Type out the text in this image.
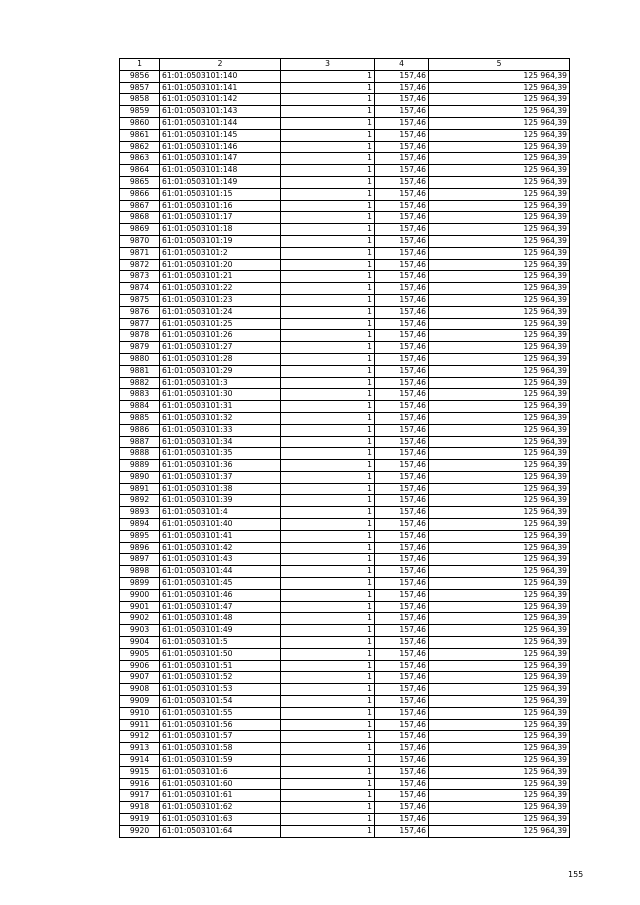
1	2	3	4	5
9856	61:01:0503101:140	1	157,46	125 964,39
9857	61:01:0503101:141	1	157,46	125 964,39
9858	61:01:0503101:142	1	157,46	125 964,39
9859	61:01:0503101:143	1	157,46	125 964,39
9860	61:01:0503101:144	1	157,46	125 964,39
9861	61:01:0503101:145	1	157,46	125 964,39
9862	61:01:0503101:146	1	157,46	125 964,39
9863	61:01:0503101:147	1	157,46	125 964,39
9864	61:01:0503101:148	1	157,46	125 964,39
9865	61:01:0503101:149	1	157,46	125 964,39
9866	61:01:0503101:15	1	157,46	125 964,39
9867	61:01:0503101:16	1	157,46	125 964,39
9868	61:01:0503101:17	1	157,46	125 964,39
9869	61:01:0503101:18	1	157,46	125 964,39
9870	61:01:0503101:19	1	157,46	125 964,39
9871	61:01:0503101:2	1	157,46	125 964,39
9872	61:01:0503101:20	1	157,46	125 964,39
9873	61:01:0503101:21	1	157,46	125 964,39
9874	61:01:0503101:22	1	157,46	125 964,39
9875	61:01:0503101:23	1	157,46	125 964,39
9876	61:01:0503101:24	1	157,46	125 964,39
9877	61:01:0503101:25	1	157,46	125 964,39
9878	61:01:0503101:26	1	157,46	125 964,39
9879	61:01:0503101:27	1	157,46	125 964,39
9880	61:01:0503101:28	1	157,46	125 964,39
9881	61:01:0503101:29	1	157,46	125 964,39
9882	61:01:0503101:3	1	157,46	125 964,39
9883	61:01:0503101:30	1	157,46	125 964,39
9884	61:01:0503101:31	1	157,46	125 964,39
9885	61:01:0503101:32	1	157,46	125 964,39
9886	61:01:0503101:33	1	157,46	125 964,39
9887	61:01:0503101:34	1	157,46	125 964,39
9888	61:01:0503101:35	1	157,46	125 964,39
9889	61:01:0503101:36	1	157,46	125 964,39
9890	61:01:0503101:37	1	157,46	125 964,39
9891	61:01:0503101:38	1	157,46	125 964,39
9892	61:01:0503101:39	1	157,46	125 964,39
9893	61:01:0503101:4	1	157,46	125 964,39
9894	61:01:0503101:40	1	157,46	125 964,39
9895	61:01:0503101:41	1	157,46	125 964,39
9896	61:01:0503101:42	1	157,46	125 964,39
9897	61:01:0503101:43	1	157,46	125 964,39
9898	61:01:0503101:44	1	157,46	125 964,39
9899	61:01:0503101:45	1	157,46	125 964,39
9900	61:01:0503101:46	1	157,46	125 964,39
9901	61:01:0503101:47	1	157,46	125 964,39
9902	61:01:0503101:48	1	157,46	125 964,39
9903	61:01:0503101:49	1	157,46	125 964,39
9904	61:01:0503101:5	1	157,46	125 964,39
9905	61:01:0503101:50	1	157,46	125 964,39
9906	61:01:0503101:51	1	157,46	125 964,39
9907	61:01:0503101:52	1	157,46	125 964,39
9908	61:01:0503101:53	1	157,46	125 964,39
9909	61:01:0503101:54	1	157,46	125 964,39
9910	61:01:0503101:55	1	157,46	125 964,39
9911	61:01:0503101:56	1	157,46	125 964,39
9912	61:01:0503101:57	1	157,46	125 964,39
9913	61:01:0503101:58	1	157,46	125 964,39
9914	61:01:0503101:59	1	157,46	125 964,39
9915	61:01:0503101:6	1	157,46	125 964,39
9916	61:01:0503101:60	1	157,46	125 964,39
9917	61:01:0503101:61	1	157,46	125 964,39
9918	61:01:0503101:62	1	157,46	125 964,39
9919	61:01:0503101:63	1	157,46	125 964,39
9920	61:01:0503101:64	1	157,46	125 964,39
155
